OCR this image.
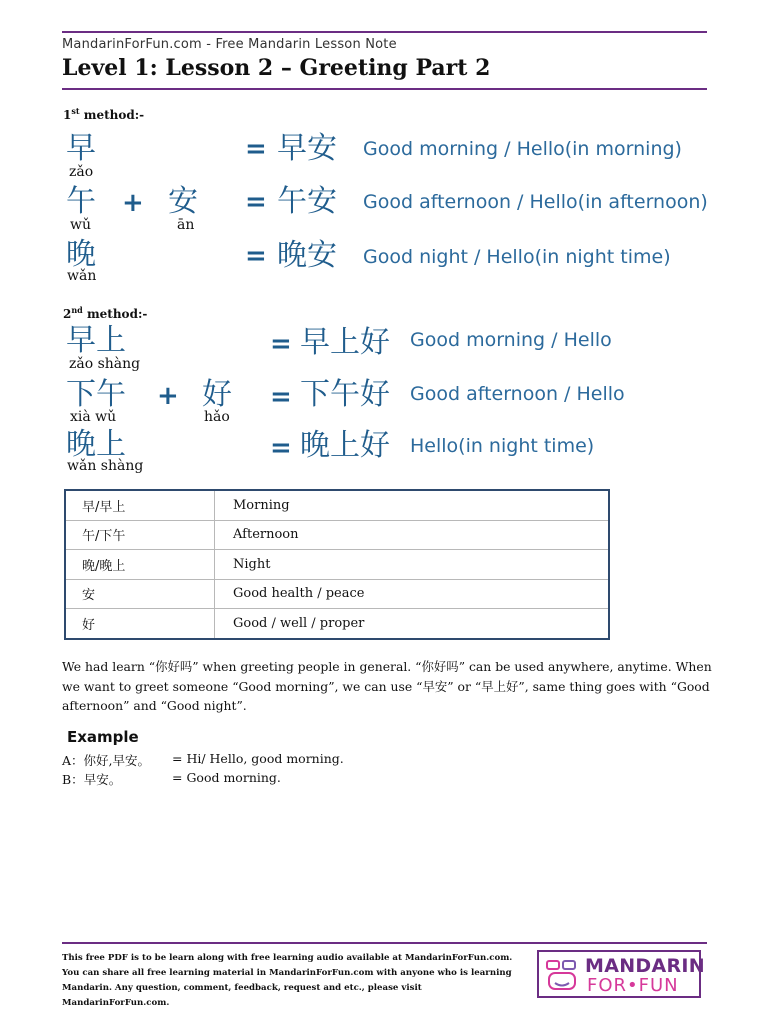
MandarinForFun.com - Free Mandarin Lesson Note
Level 1: Lesson 2 – Greeting Part 2
1st method:-
早
zǎo
= 早安 Good morning / Hello(in morning)
午
wǔ
+ 安
ān
= 午安 Good afternoon / Hello(in afternoon)
晚
wǎn
= 晚安 Good night / Hello(in night time)
2nd method:-
早上
zǎo shàng
= 早上好 Good morning / Hello
下午
xià wǔ
+ 好
hǎo
= 下午好 Good afternoon / Hello
晚上
wǎn shàng
= 晚上好 Hello(in night time)
早/早上	Morning
午/下午	Afternoon
晚/晚上	Night
安	Good health / peace
好	Good / well / proper
We had learn “你好吗” when greeting people in general. “你好吗” can be used anywhere, anytime. When we want to greet someone “Good morning”, we can use “早安” or “早上好”, same thing goes with “Good afternoon” and “Good night”.
Example
A：你好,早安。 = Hi/ Hello, good morning.
B：早安。	= Good morning.
This free PDF is to be learn along with free learning audio available at MandarinForFun.com. You can share all free learning material in MandarinForFun.com with anyone who is learning Mandarin. Any question, comment, feedback, request and etc., please visit MandarinForFun.com.
MANDARIN
FOR•FUN
